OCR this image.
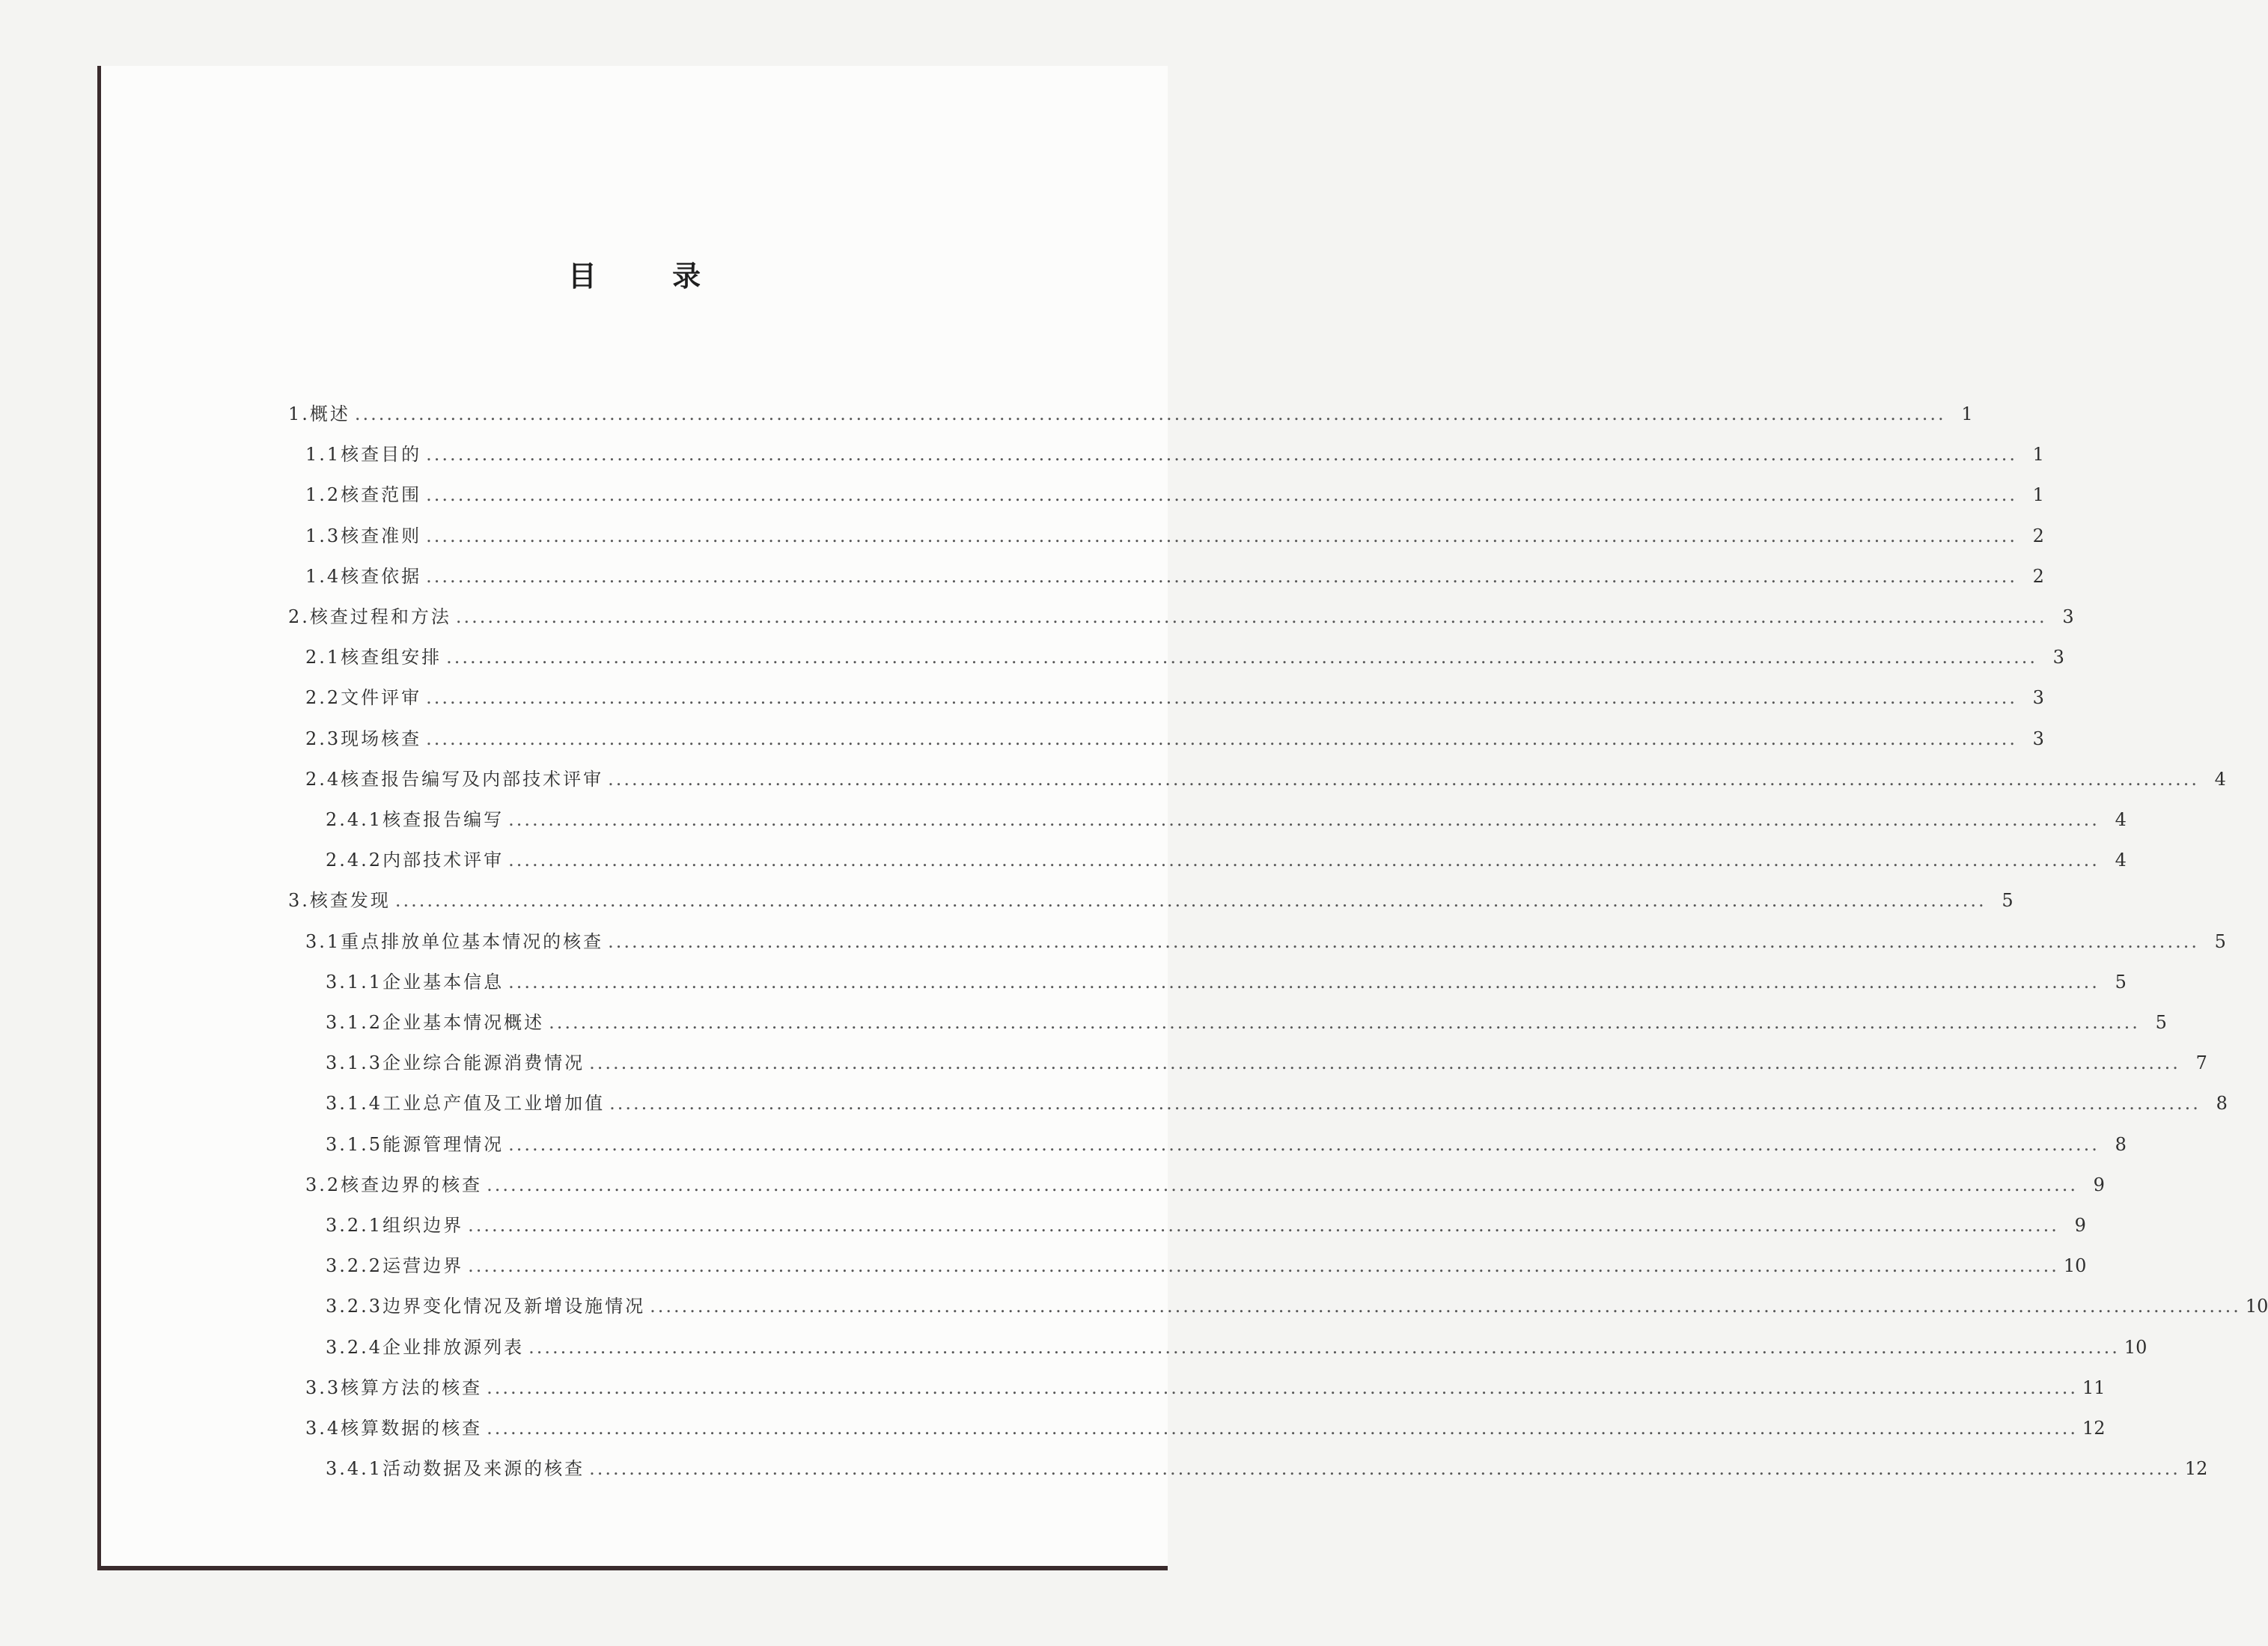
目 录
1.概述 ........................................................................................................................................................................................................ 1
1.1核查目的 ........................................................................................................................................................................................................ 1
1.2核查范围 ........................................................................................................................................................................................................ 1
1.3核查准则 ........................................................................................................................................................................................................ 2
1.4核查依据 ........................................................................................................................................................................................................ 2
2.核查过程和方法 ........................................................................................................................................................................................................ 3
2.1核查组安排 ........................................................................................................................................................................................................ 3
2.2文件评审 ........................................................................................................................................................................................................ 3
2.3现场核查 ........................................................................................................................................................................................................ 3
2.4核查报告编写及内部技术评审 ........................................................................................................................................................................................................ 4
2.4.1核查报告编写 ........................................................................................................................................................................................................ 4
2.4.2内部技术评审 ........................................................................................................................................................................................................ 4
3.核查发现 ........................................................................................................................................................................................................ 5
3.1重点排放单位基本情况的核查 ........................................................................................................................................................................................................ 5
3.1.1企业基本信息 ........................................................................................................................................................................................................ 5
3.1.2企业基本情况概述 ........................................................................................................................................................................................................ 5
3.1.3企业综合能源消费情况 ........................................................................................................................................................................................................ 7
3.1.4工业总产值及工业增加值 ........................................................................................................................................................................................................ 8
3.1.5能源管理情况 ........................................................................................................................................................................................................ 8
3.2核查边界的核查 ........................................................................................................................................................................................................ 9
3.2.1组织边界 ........................................................................................................................................................................................................ 9
3.2.2运营边界 ........................................................................................................................................................................................................ 10
3.2.3边界变化情况及新增设施情况 ........................................................................................................................................................................................................ 10
3.2.4企业排放源列表 ........................................................................................................................................................................................................ 10
3.3核算方法的核查 ........................................................................................................................................................................................................ 11
3.4核算数据的核查 ........................................................................................................................................................................................................ 12
3.4.1活动数据及来源的核查 ........................................................................................................................................................................................................ 12
